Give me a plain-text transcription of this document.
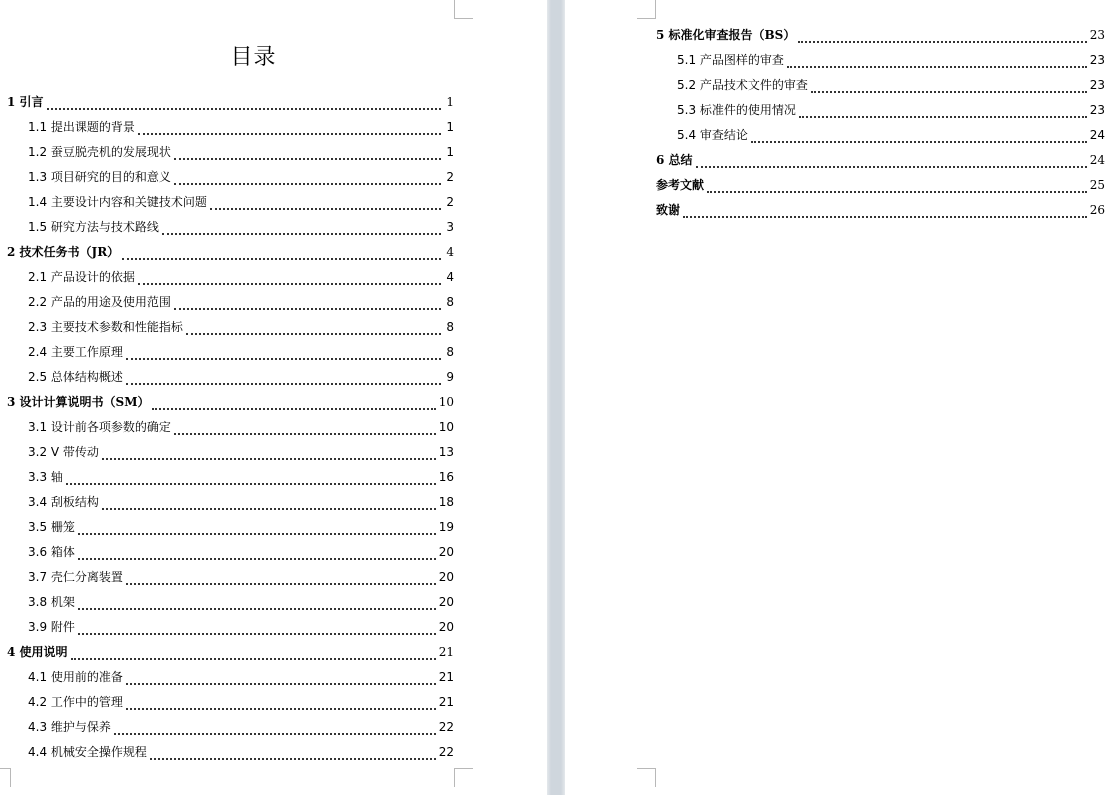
目录
1 引言	1
1.1 提出课题的背景	1
1.2 蚕豆脱壳机的发展现状	1
1.3 项目研究的目的和意义	2
1.4 主要设计内容和关键技术问题	2
1.5 研究方法与技术路线	3
2 技术任务书（JR）	4
2.1 产品设计的依据	4
2.2 产品的用途及使用范围	8
2.3 主要技术参数和性能指标	8
2.4 主要工作原理	8
2.5 总体结构概述	9
3 设计计算说明书（SM）	10
3.1 设计前各项参数的确定	10
3.2 V 带传动	13
3.3 轴	16
3.4 刮板结构	18
3.5 栅笼	19
3.6 箱体	20
3.7 壳仁分离装置	20
3.8 机架	20
3.9 附件	20
4 使用说明	21
4.1 使用前的准备	21
4.2 工作中的管理	21
4.3 维护与保养	22
4.4 机械安全操作规程	22
5 标准化审查报告（BS）	23
5.1 产品图样的审查	23
5.2 产品技术文件的审查	23
5.3 标准件的使用情况	23
5.4 审查结论	24
6 总结	24
参考文献	25
致谢	26
